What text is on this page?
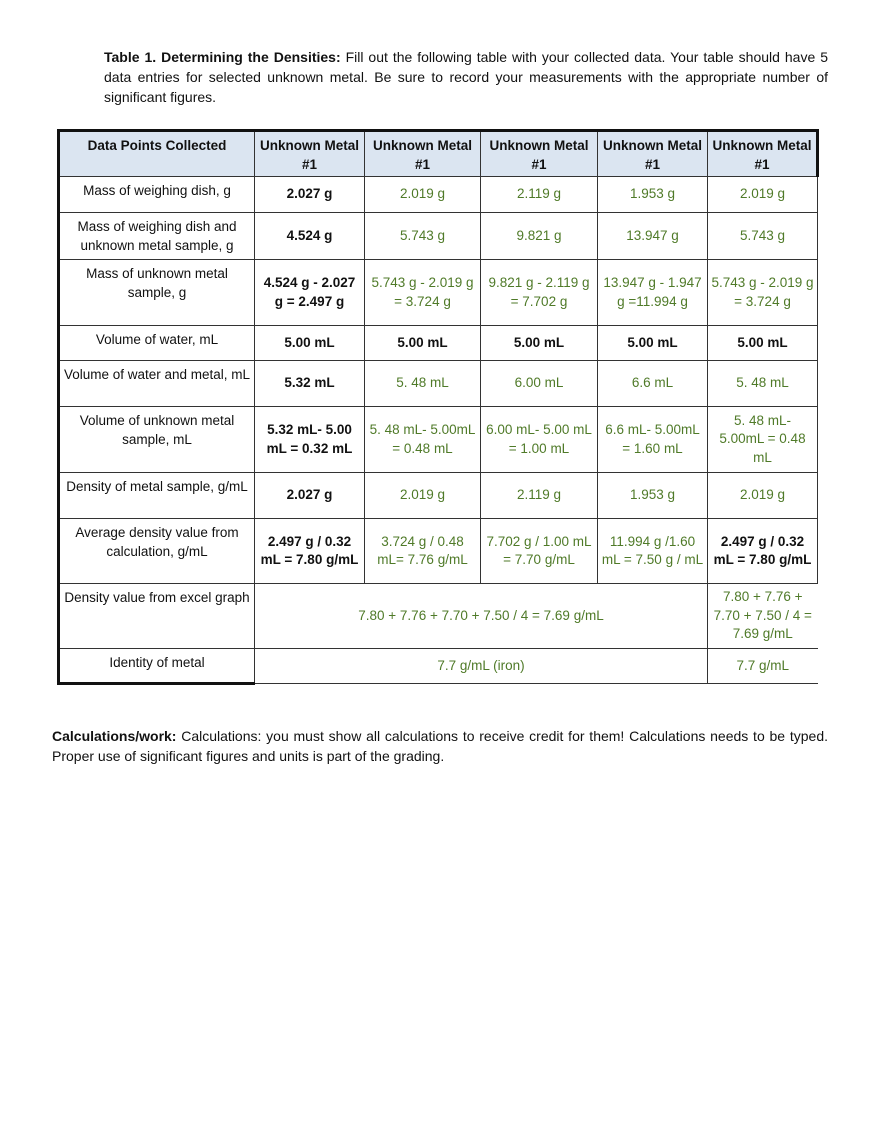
Table 1. Determining the Densities: Fill out the following table with your collected data. Your table should have 5 data entries for selected unknown metal. Be sure to record your measurements with the appropriate number of significant figures.
Data Points Collected	Unknown Metal #1	Unknown Metal #1	Unknown Metal #1	Unknown Metal #1	Unknown Metal #1
Mass of weighing dish, g	2.027 g	2.019 g	2.119 g	1.953 g	2.019 g
Mass of weighing dish and unknown metal sample, g	4.524 g	5.743 g	9.821 g	13.947 g	5.743 g
Mass of unknown metal sample, g	4.524 g - 2.027 g = 2.497 g	5.743 g - 2.019 g = 3.724 g	9.821 g - 2.119 g = 7.702 g	13.947 g - 1.947 g =11.994 g	5.743 g - 2.019 g = 3.724 g
Volume of water, mL	5.00 mL	5.00 mL	5.00 mL	5.00 mL	5.00 mL
Volume of water and metal, mL	5.32 mL	5. 48 mL	6.00 mL	6.6 mL	5. 48 mL
Volume of unknown metal sample, mL	5.32 mL- 5.00 mL = 0.32 mL	5. 48 mL- 5.00mL = 0.48 mL	6.00 mL- 5.00 mL = 1.00 mL	6.6 mL- 5.00mL = 1.60 mL	5. 48 mL- 5.00mL = 0.48 mL
Density of metal sample, g/mL	2.027 g	2.019 g	2.119 g	1.953 g	2.019 g
Average density value from calculation, g/mL	2.497 g / 0.32 mL = 7.80 g/mL	3.724 g / 0.48 mL= 7.76 g/mL	7.702 g / 1.00 mL = 7.70 g/mL	11.994 g /1.60 mL = 7.50 g / mL	2.497 g / 0.32 mL = 7.80 g/mL
Density value from excel graph	7.80 + 7.76 + 7.70 + 7.50 / 4 = 7.69 g/mL				7.80 + 7.76 + 7.70 + 7.50 / 4 = 7.69 g/mL
Identity of metal	7.7 g/mL (iron)				7.7 g/mL
Calculations/work: Calculations: you must show all calculations to receive credit for them! Calculations needs to be typed. Proper use of significant figures and units is part of the grading.
